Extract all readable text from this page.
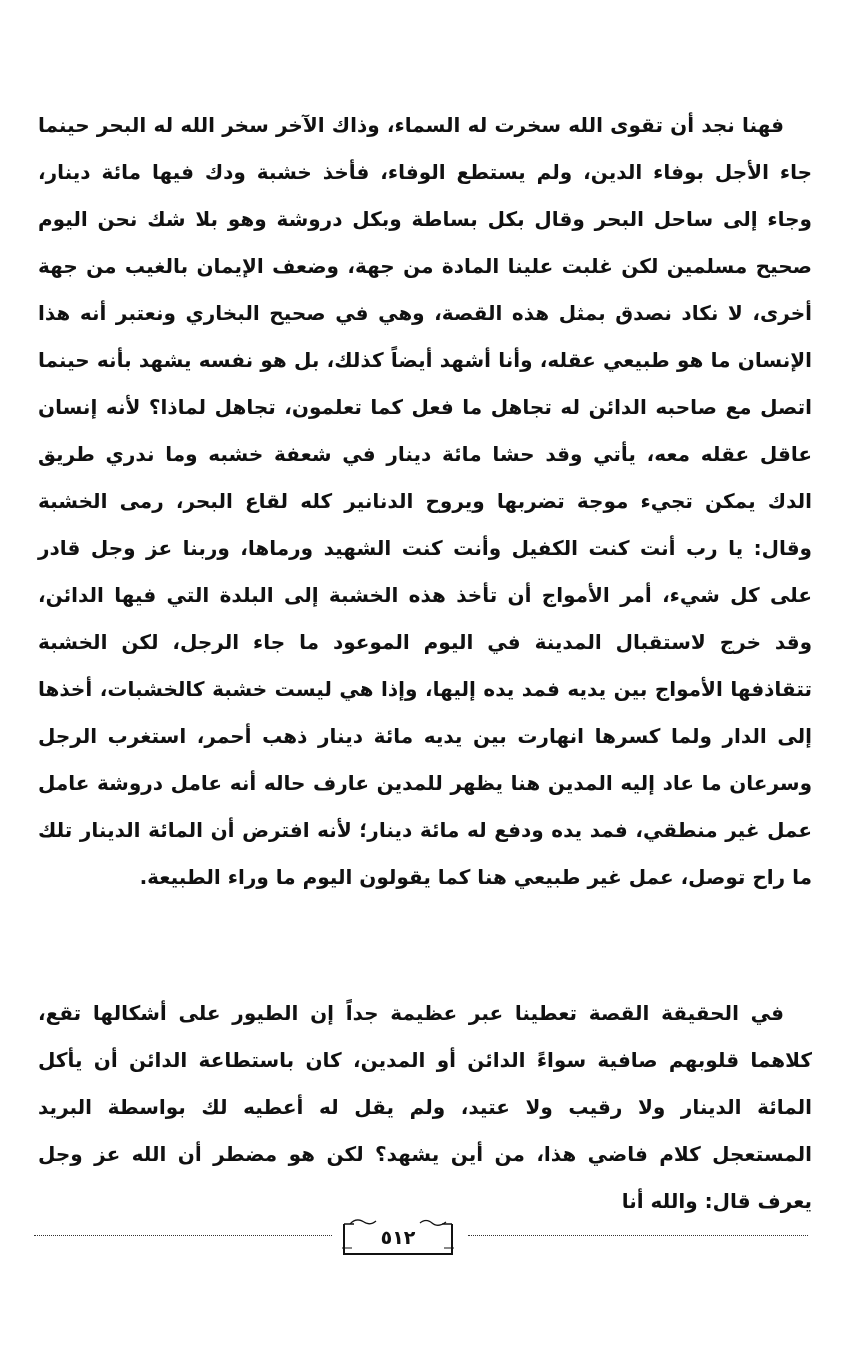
فهنا نجد أن تقوى الله سخرت له السماء، وذاك الآخر سخر الله له البحر حينما جاء الأجل بوفاء الدين، ولم يستطع الوفاء، فأخذ خشبة ودك فيها مائة دينار، وجاء إلى ساحل البحر وقال بكل بساطة وبكل دروشة وهو بلا شك نحن اليوم صحيح مسلمين لكن غلبت علينا المادة من جهة، وضعف الإيمان بالغيب من جهة أخرى، لا نكاد نصدق بمثل هذه القصة، وهي في صحيح البخاري ونعتبر أنه هذا الإنسان ما هو طبيعي عقله، وأنا أشهد أيضاً كذلك، بل هو نفسه يشهد بأنه حينما اتصل مع صاحبه الدائن له تجاهل ما فعل كما تعلمون، تجاهل لماذا؟ لأنه إنسان عاقل عقله معه، يأتي وقد حشا مائة دينار في شعفة خشبه وما ندري طريق الدك يمكن تجيء موجة تضربها ويروح الدنانير كله لقاع البحر، رمى الخشبة وقال: يا رب أنت كنت الكفيل وأنت كنت الشهيد ورماها، وربنا عز وجل قادر على كل شيء، أمر الأمواج أن تأخذ هذه الخشبة إلى البلدة التي فيها الدائن، وقد خرج لاستقبال المدينة في اليوم الموعود ما جاء الرجل، لكن الخشبة تتقاذفها الأمواج بين يديه فمد يده إليها، وإذا هي ليست خشبة كالخشبات، أخذها إلى الدار ولما كسرها انهارت بين يديه مائة دينار ذهب أحمر، استغرب الرجل وسرعان ما عاد إليه المدين هنا يظهر للمدين عارف حاله أنه عامل دروشة عامل عمل غير منطقي، فمد يده ودفع له مائة دينار؛ لأنه افترض أن المائة الدينار تلك ما راح توصل، عمل غير طبيعي هنا كما يقولون اليوم ما وراء الطبيعة.

في الحقيقة القصة تعطينا عبر عظيمة جداً إن الطيور على أشكالها تقع، كلاهما قلوبهم صافية سواءً الدائن أو المدين، كان باستطاعة الدائن أن يأكل المائة الدينار ولا رقيب ولا عتيد، ولم يقل له أعطيه لك بواسطة البريد المستعجل كلام فاضي هذا، من أين يشهد؟ لكن هو مضطر أن الله عز وجل يعرف قال: والله أنا

٥١٢
